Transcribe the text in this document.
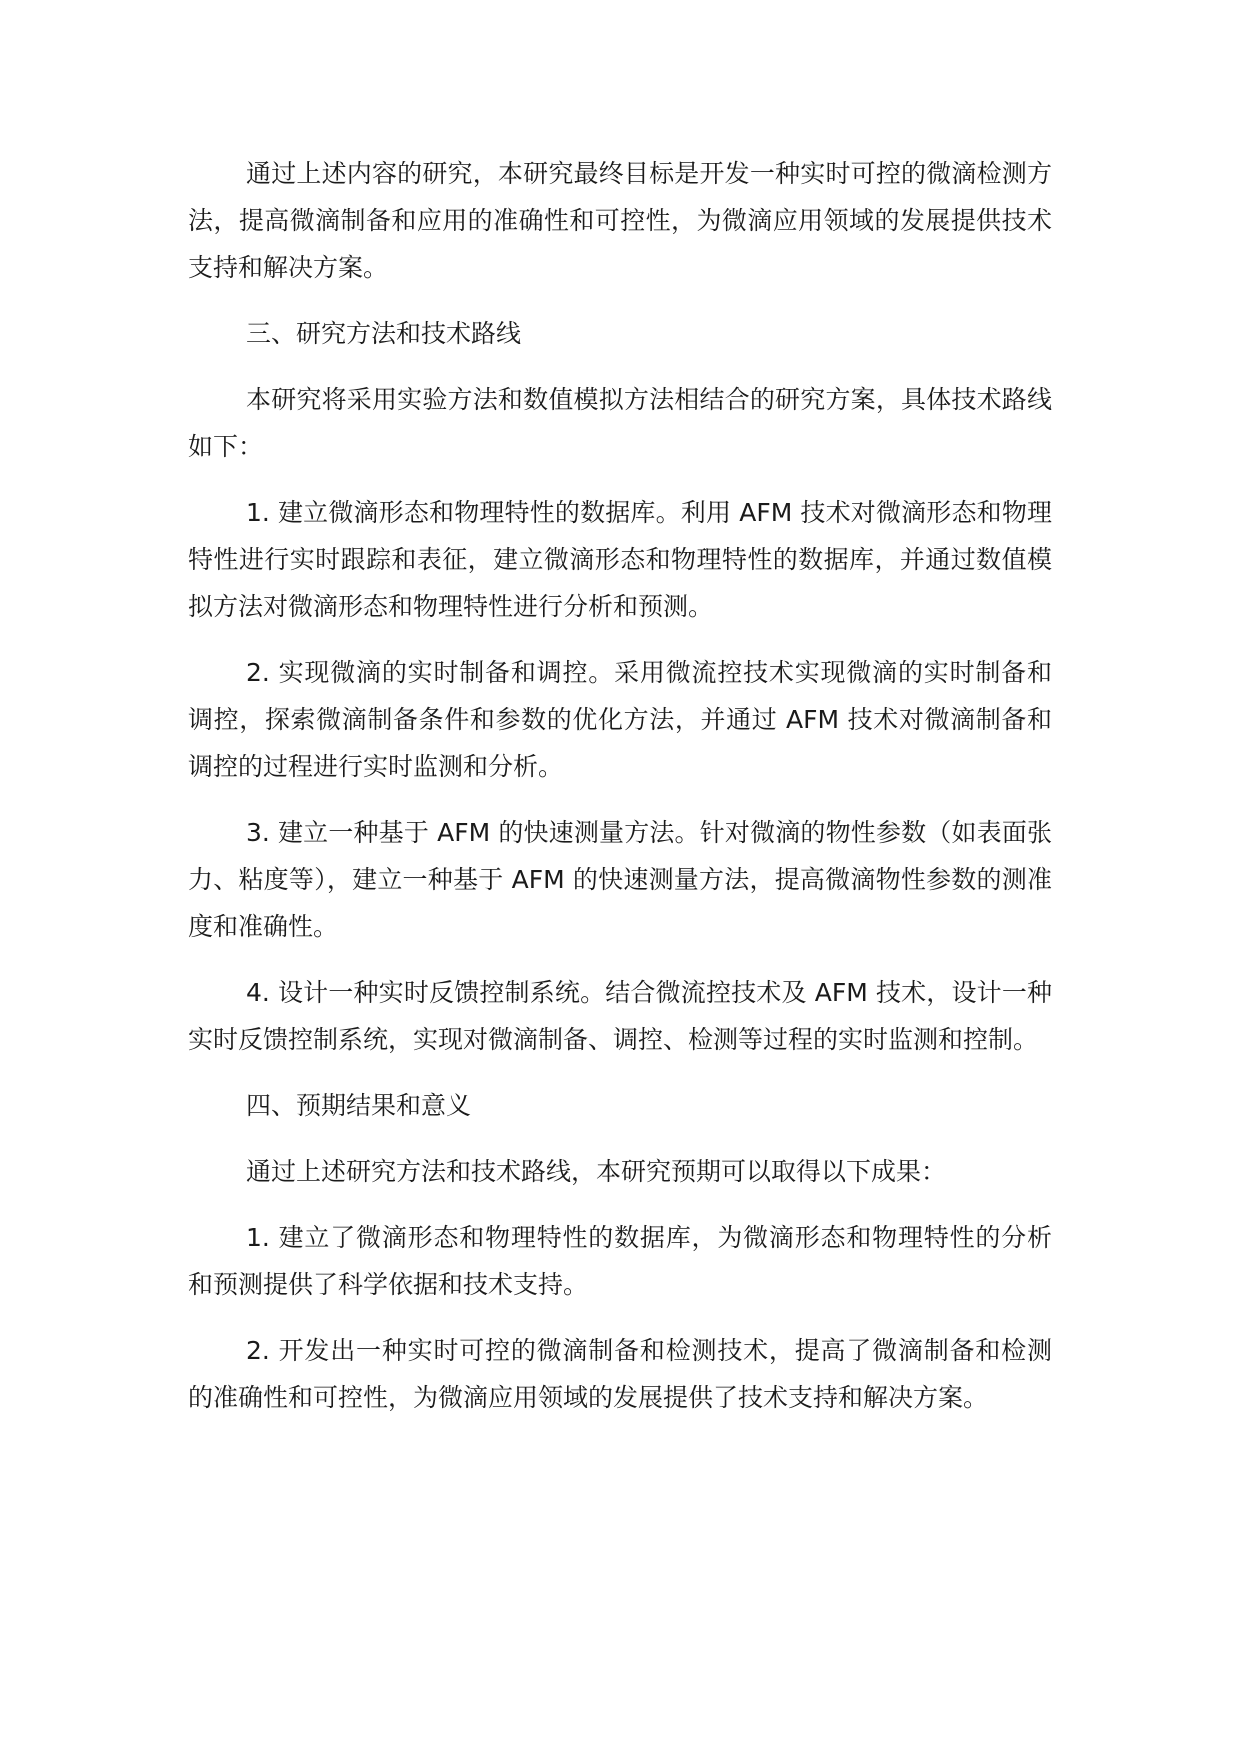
通过上述内容的研究，本研究最终目标是开发一种实时可控的微滴检测方法，提高微滴制备和应用的准确性和可控性，为微滴应用领域的发展提供技术支持和解决方案。

三、研究方法和技术路线

本研究将采用实验方法和数值模拟方法相结合的研究方案，具体技术路线如下：

1. 建立微滴形态和物理特性的数据库。利用 AFM 技术对微滴形态和物理特性进行实时跟踪和表征，建立微滴形态和物理特性的数据库，并通过数值模拟方法对微滴形态和物理特性进行分析和预测。

2. 实现微滴的实时制备和调控。采用微流控技术实现微滴的实时制备和调控，探索微滴制备条件和参数的优化方法，并通过 AFM 技术对微滴制备和调控的过程进行实时监测和分析。

3. 建立一种基于 AFM 的快速测量方法。针对微滴的物性参数（如表面张力、粘度等），建立一种基于 AFM 的快速测量方法，提高微滴物性参数的测准度和准确性。

4. 设计一种实时反馈控制系统。结合微流控技术及 AFM 技术，设计一种实时反馈控制系统，实现对微滴制备、调控、检测等过程的实时监测和控制。

四、预期结果和意义

通过上述研究方法和技术路线，本研究预期可以取得以下成果：

1. 建立了微滴形态和物理特性的数据库，为微滴形态和物理特性的分析和预测提供了科学依据和技术支持。

2. 开发出一种实时可控的微滴制备和检测技术，提高了微滴制备和检测的准确性和可控性，为微滴应用领域的发展提供了技术支持和解决方案。
